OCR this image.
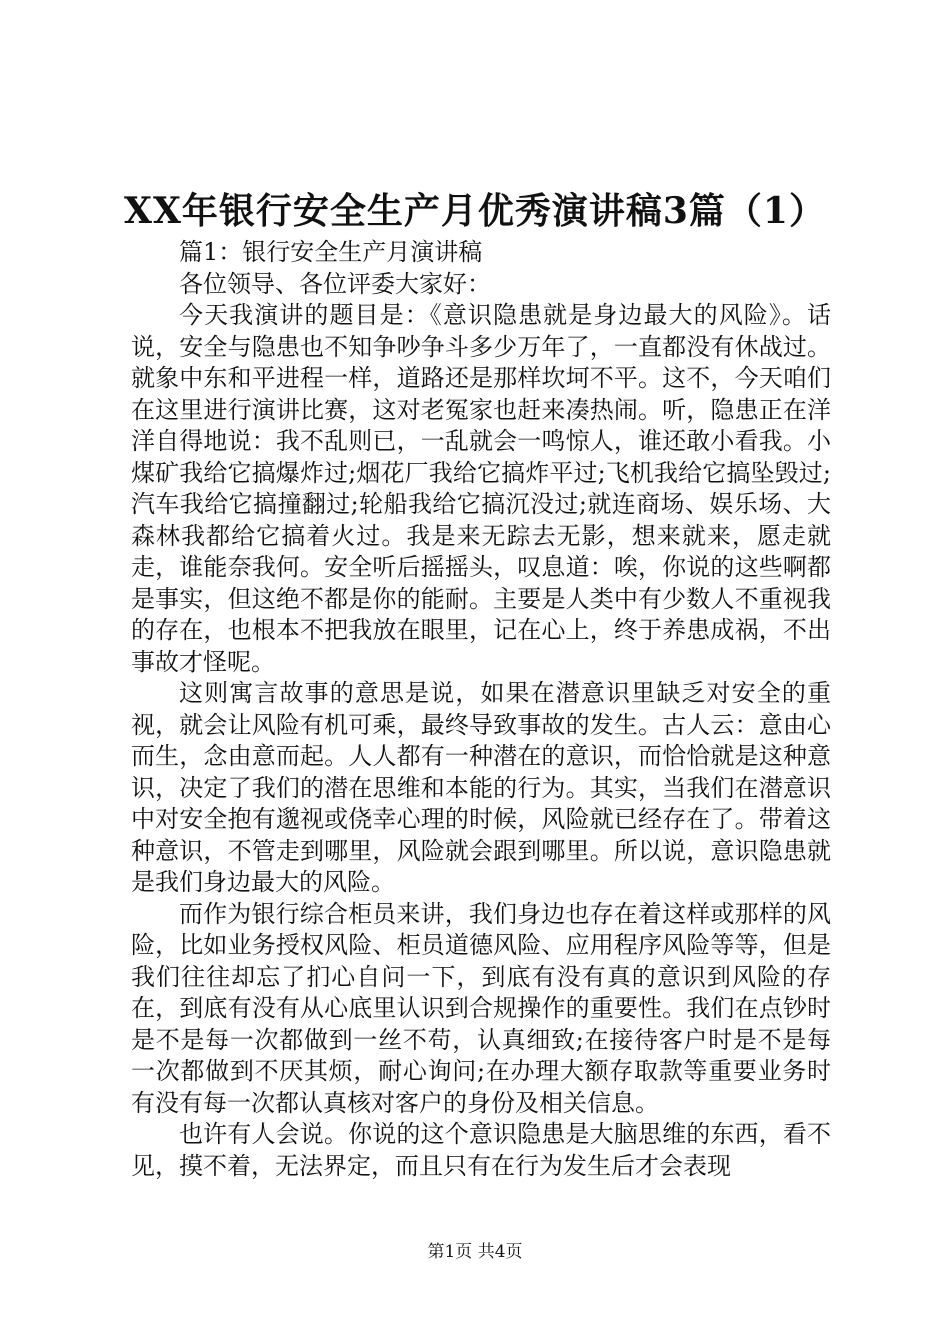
XX年银行安全生产月优秀演讲稿3篇（1）

篇1：银行安全生产月演讲稿

各位领导、各位评委大家好：

今天我演讲的题目是：《意识隐患就是身边最大的风险》。话说，安全与隐患也不知争吵争斗多少万年了，一直都没有休战过。就象中东和平进程一样，道路还是那样坎坷不平。这不，今天咱们在这里进行演讲比赛，这对老冤家也赶来凑热闹。听，隐患正在洋洋自得地说：我不乱则已，一乱就会一鸣惊人，谁还敢小看我。小煤矿我给它搞爆炸过;烟花厂我给它搞炸平过;飞机我给它搞坠毁过;汽车我给它搞撞翻过;轮船我给它搞沉没过;就连商场、娱乐场、大森林我都给它搞着火过。我是来无踪去无影，想来就来，愿走就走，谁能奈我何。安全听后摇摇头，叹息道：唉，你说的这些啊都是事实，但这绝不都是你的能耐。主要是人类中有少数人不重视我的存在，也根本不把我放在眼里，记在心上，终于养患成祸，不出事故才怪呢。

这则寓言故事的意思是说，如果在潜意识里缺乏对安全的重视，就会让风险有机可乘，最终导致事故的发生。古人云：意由心而生，念由意而起。人人都有一种潜在的意识，而恰恰就是这种意识，决定了我们的潜在思维和本能的行为。其实，当我们在潜意识中对安全抱有邈视或侥幸心理的时候，风险就已经存在了。带着这种意识，不管走到哪里，风险就会跟到哪里。所以说，意识隐患就是我们身边最大的风险。

而作为银行综合柜员来讲，我们身边也存在着这样或那样的风险，比如业务授权风险、柜员道德风险、应用程序风险等等，但是我们往往却忘了扪心自问一下，到底有没有真的意识到风险的存在，到底有没有从心底里认识到合规操作的重要性。我们在点钞时是不是每一次都做到一丝不苟，认真细致;在接待客户时是不是每一次都做到不厌其烦，耐心询问;在办理大额存取款等重要业务时有没有每一次都认真核对客户的身份及相关信息。

也许有人会说。你说的这个意识隐患是大脑思维的东西，看不见，摸不着，无法界定，而且只有在行为发生后才会表现

第1页 共4页
